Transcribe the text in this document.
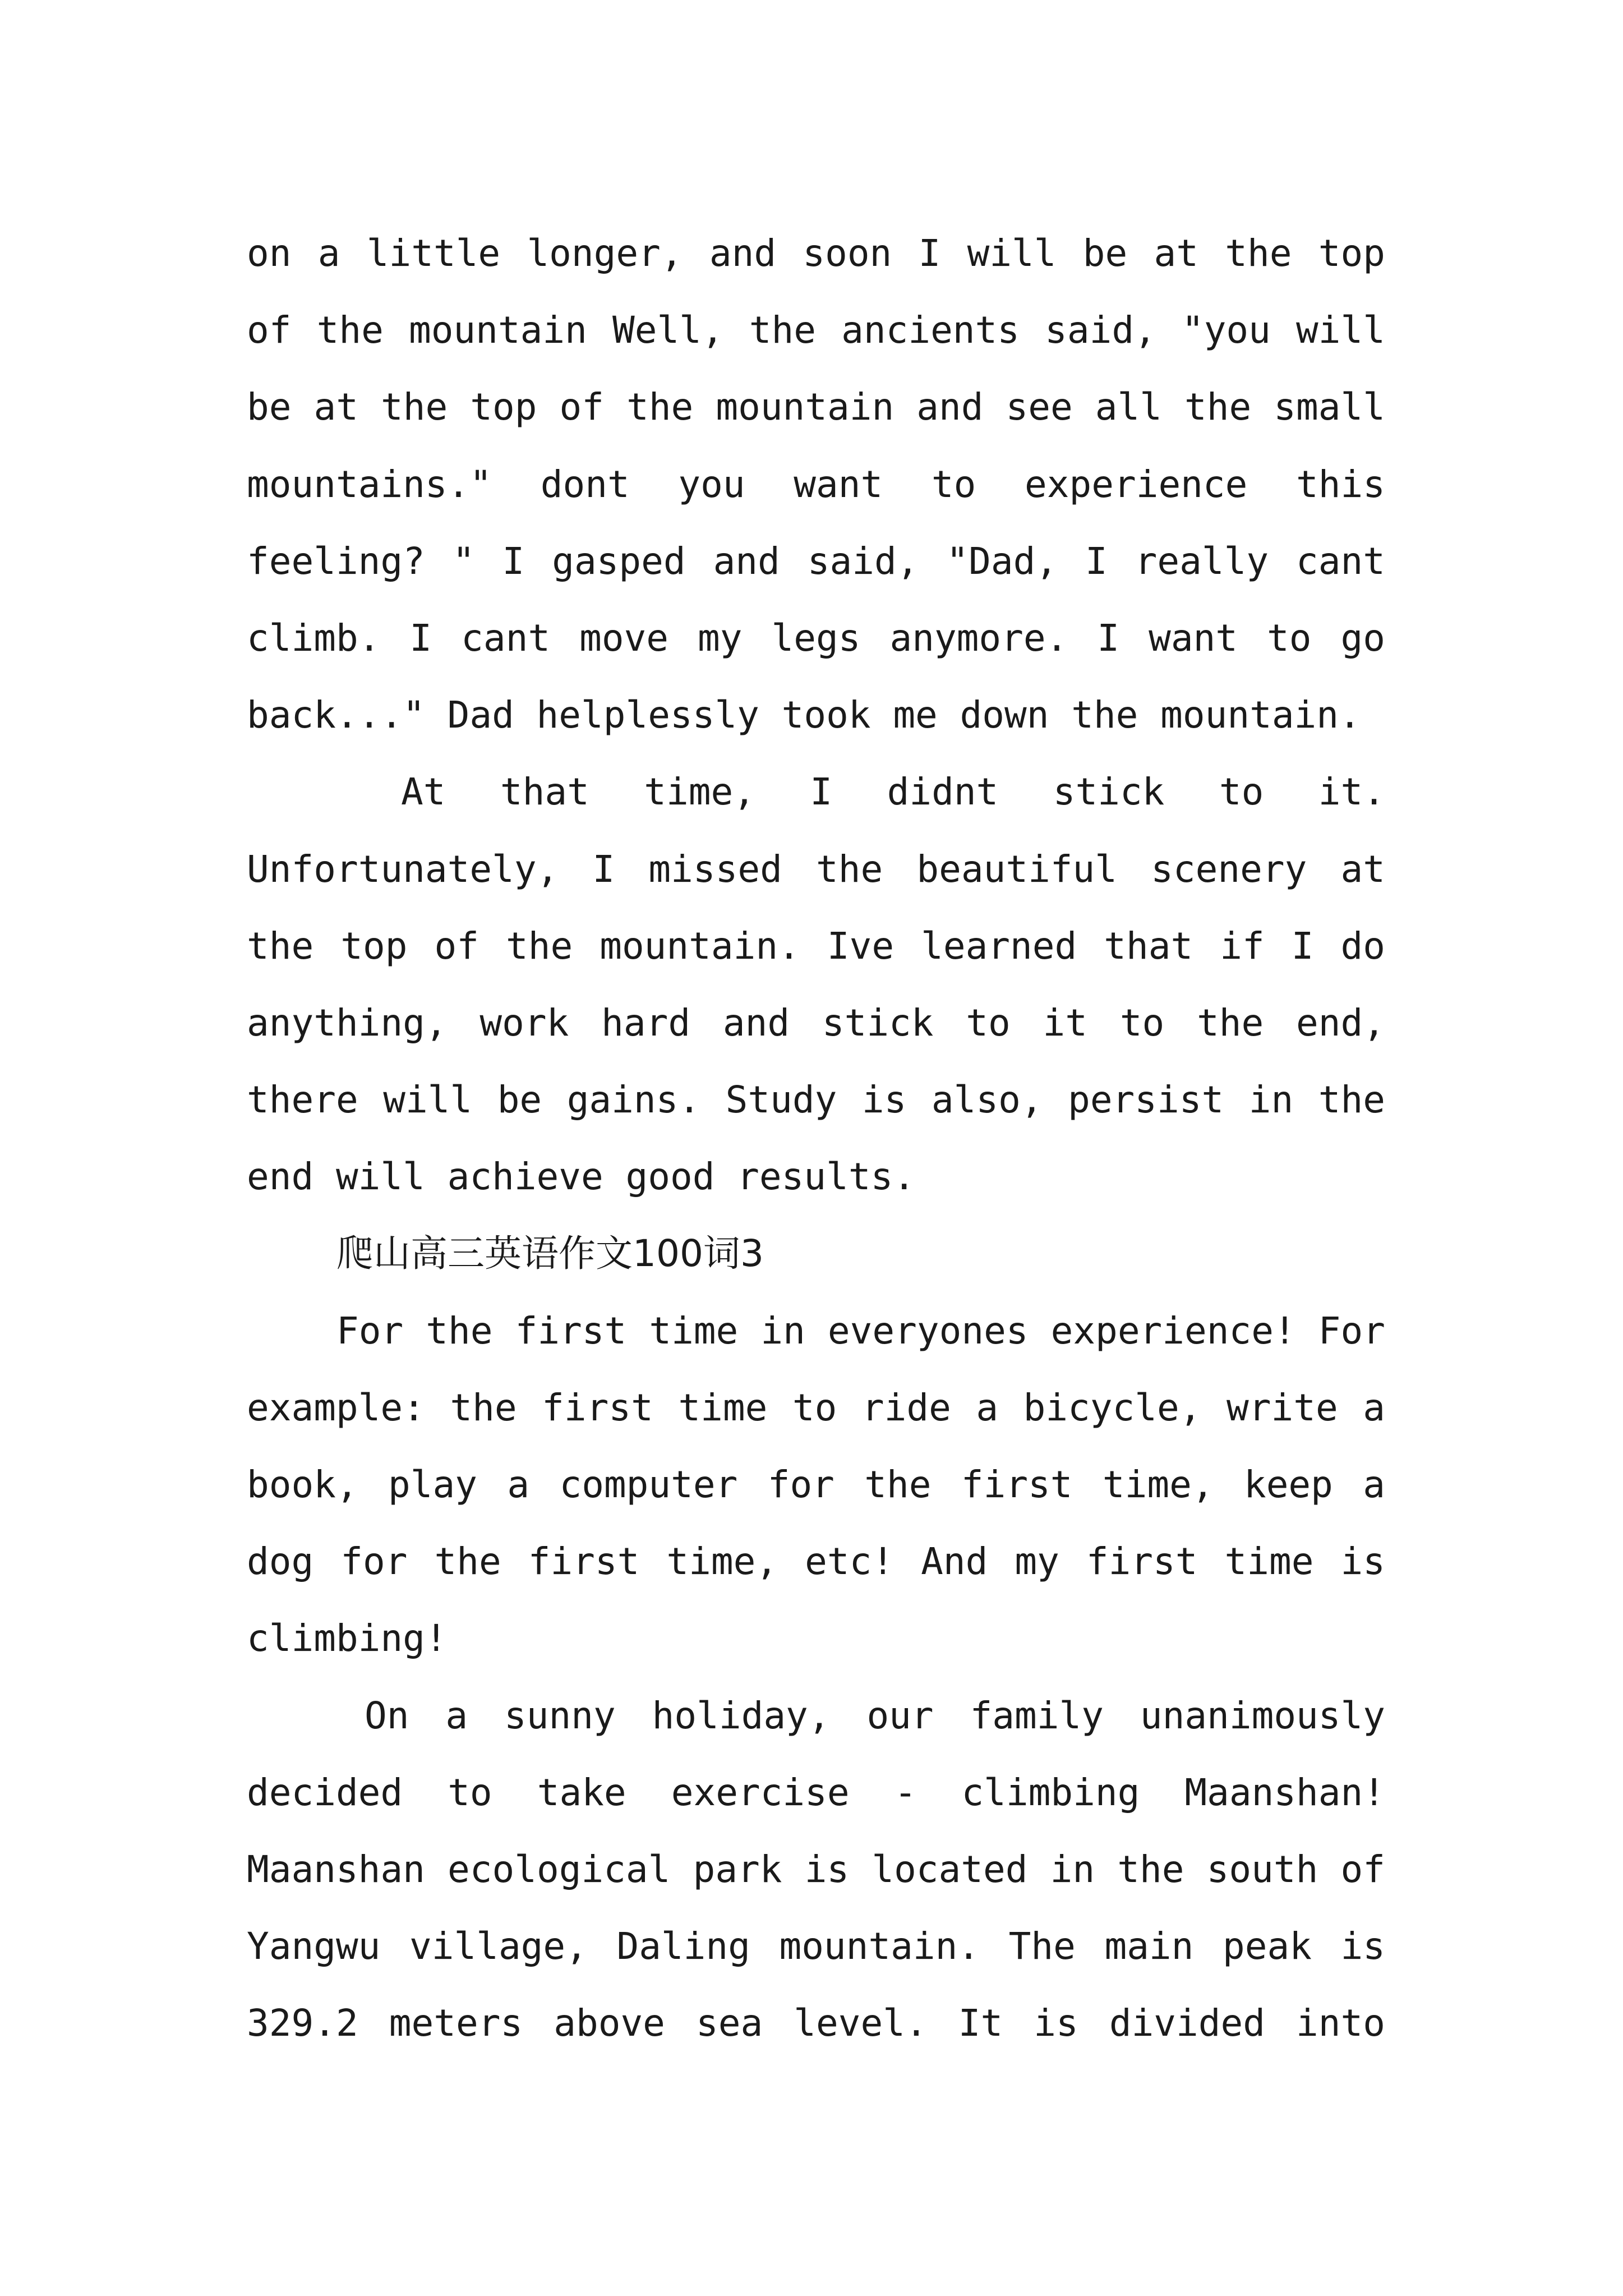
on a little longer, and soon I will be at the top
of the mountain Well, the ancients said, "you will
be at the top of the mountain and see all the small
mountains." dont you want to experience this
feeling? " I gasped and said, "Dad, I really cant
climb. I cant move my legs anymore. I want to go
back..." Dad helplessly took me down the mountain.
At that time, I didnt stick to it.
Unfortunately, I missed the beautiful scenery at
the top of the mountain. Ive learned that if I do
anything, work hard and stick to it to the end,
there will be gains. Study is also, persist in the
end will achieve good results.
爬山高三英语作文100词3
For the first time in everyones experience! For
example: the first time to ride a bicycle, write a
book, play a computer for the first time, keep a
dog for the first time, etc! And my first time is
climbing!
On a sunny holiday, our family unanimously
decided to take exercise - climbing Maanshan!
Maanshan ecological park is located in the south of
Yangwu village, Daling mountain. The main peak is
329.2 meters above sea level. It is divided into
